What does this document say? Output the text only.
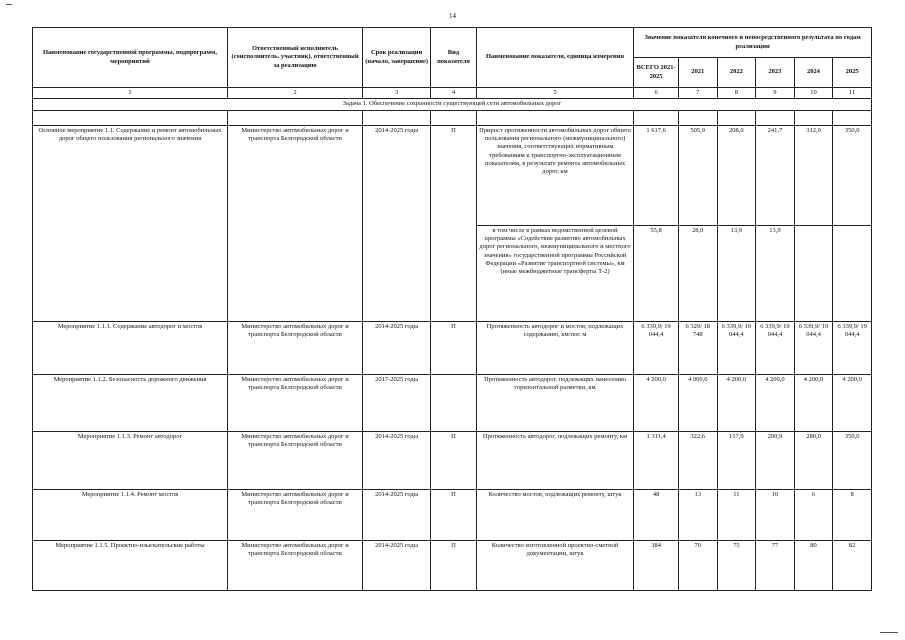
14
Наименование государственной программы, подпрограмм, мероприятий	Ответственный исполнитель (соисполнитель, участник), ответственный за реализацию	Срок реализации (начало, завершение)	Вид показателя	Наименование показателя, единица измерения	Значение показателя конечного и непосредственного результата по годам реализации					
					ВСЕГО 2021-2025	2021	2022	2023	2024	2025
1	2	3	4	5	6	7	8	9	10	11
Задача 1. Обеспечение сохранности существующей сети автомобильных дорог										

Основное мероприятие 1.1. Содержание и ремонт автомобильных дорог общего пользования регионального значения	Министерство автомобильных дорог и транспорта Белгородской области	2014-2025 годы	П	Прирост протяженности автомобильных дорог общего пользования регионального (межмуниципального) значения, соответствующих нормативным требованиям к транспортно-эксплуатационным показателям, в результате ремонта автомобильных дорог, км	1 617,6	505,9	208,0	241,7	312,0	350,0
				в том числе в рамках ведомственной целевой программы «Содействие развитию автомобильных дорог регионального, межмуниципального и местного значения» государственной программы Российской Федерации «Развитие транспортной системы», км (иные межбюджетные трансферты Т-2)	55,8	28,0	13,9	13,9		
Мероприятие 1.1.1. Содержание автодорог и мостов	Министерство автомобильных дорог и транспорта Белгородской области	2014-2025 годы	П	Протяженность автодорог и мостов, подлежащих содержанию, км/пог. м	6 339,9/ 19 044,4	6 329/ 18 748	6 339,9/ 19 044,4	6 339,9/ 19 044,4	6 339,9/ 19 044,4	6 339,9/ 19 044,4
Мероприятие 1.1.2. Безопасность дорожного движения	Министерство автомобильных дорог и транспорта Белгородской области	2017-2025 годы		Протяженность автодорог, подлежащих нанесению горизонтальной разметки, км	4 200,0	4 000,0	4 200,0	4 200,0	4 200,0	4 200,0
Мероприятие 1.1.3. Ремонт автодорог	Министерство автомобильных дорог и транспорта Белгородской области	2014-2025 годы	П	Протяженность автодорог, подлежащих ремонту, км	1 311,4	322,6	157,9	200,9	280,0	350,0
Мероприятие 1.1.4. Ремонт мостов	Министерство автомобильных дорог и транспорта Белгородской области	2014-2025 годы	П	Количество мостов, подлежащих ремонту, штук	48	13	11	10	6	8
Мероприятие 1.1.5. Проектно-изыскательские работы	Министерство автомобильных дорог и транспорта Белгородской области	2014-2025 годы	П	Количество изготовленной проектно-сметной документации, штук	384	70	75	77	80	82
